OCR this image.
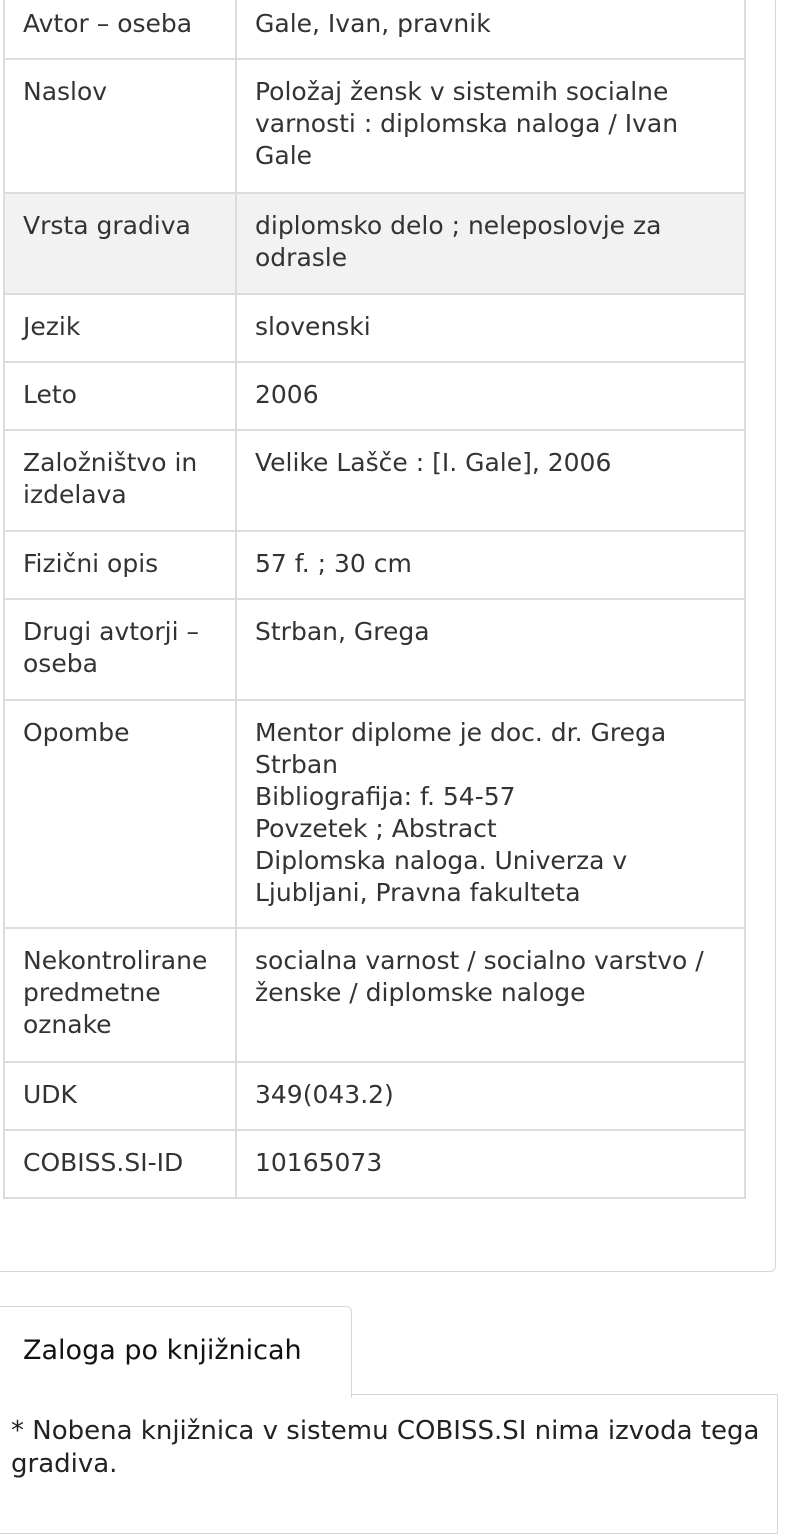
Avtor – oseba	Gale, Ivan, pravnik
Naslov	Položaj žensk v sistemih socialne varnosti : diplomska naloga / Ivan Gale
Vrsta gradiva	diplomsko delo ; neleposlovje za odrasle
Jezik	slovenski
Leto	2006
Založništvo in izdelava	Velike Lašče : [I. Gale], 2006
Fizični opis	57 f. ; 30 cm
Drugi avtorji – oseba	Strban, Grega
Opombe	Mentor diplome je doc. dr. Grega Strban
Bibliografija: f. 54-57
Povzetek ; Abstract
Diplomska naloga. Univerza v Ljubljani, Pravna fakulteta
Nekontrolirane predmetne oznake	socialna varnost / socialno varstvo / ženske / diplomske naloge
UDK	349(043.2)
COBISS.SI-ID	10165073
Zaloga po knjižnicah
* Nobena knjižnica v sistemu COBISS.SI nima izvoda tega gradiva.
